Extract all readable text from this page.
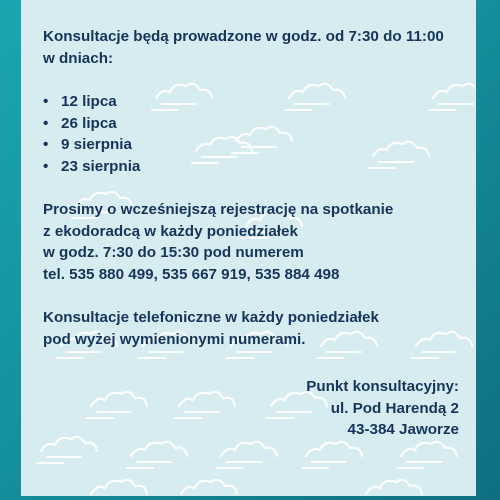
Konsultacje będą prowadzone w godz. od 7:30 do 11:00

w dniach:

• 12 lipca
• 26 lipca
• 9 sierpnia
• 23 sierpnia

Prosimy o wcześniejszą rejestrację na spotkanie

z ekodoradcą w każdy poniedziałek

w godz. 7:30 do 15:30 pod numerem

tel. 535 880 499, 535 667 919, 535 884 498

Konsultacje telefoniczne w każdy poniedziałek

pod wyżej wymienionymi numerami.

Punkt konsultacyjny:
ul. Pod Harendą 2
43-384 Jaworze
